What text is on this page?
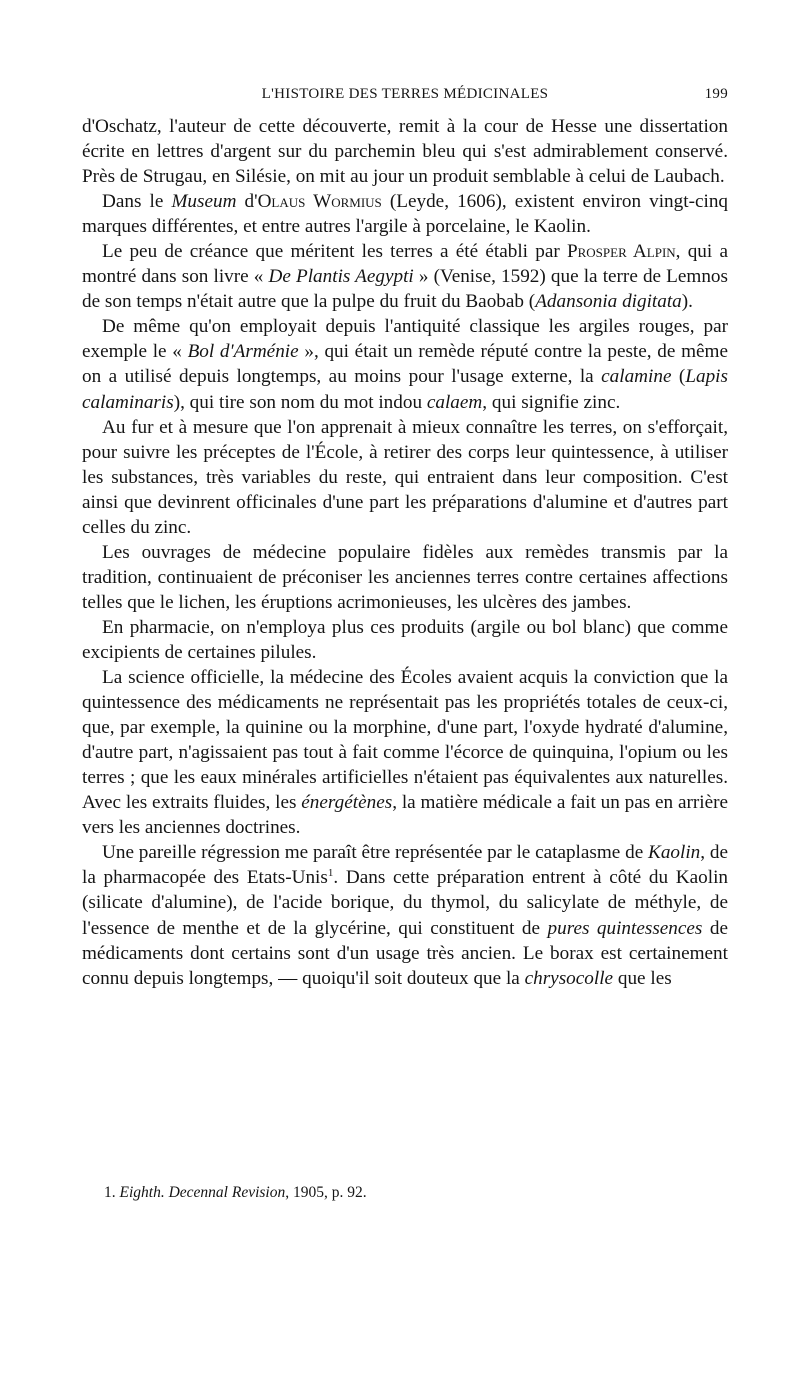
L'HISTOIRE DES TERRES MÉDICINALES	199

d'Oschatz, l'auteur de cette découverte, remit à la cour de Hesse une dissertation écrite en lettres d'argent sur du parchemin bleu qui s'est admirablement conservé. Près de Strugau, en Silésie, on mit au jour un produit semblable à celui de Laubach.

Dans le Museum d'Olaus Wormius (Leyde, 1606), existent environ vingt-cinq marques différentes, et entre autres l'argile à porcelaine, le Kaolin.

Le peu de créance que méritent les terres a été établi par Prosper Alpin, qui a montré dans son livre « De Plantis Aegypti » (Venise, 1592) que la terre de Lemnos de son temps n'était autre que la pulpe du fruit du Baobab (Adansonia digitata).

De même qu'on employait depuis l'antiquité classique les argiles rouges, par exemple le « Bol d'Arménie », qui était un remède réputé contre la peste, de même on a utilisé depuis longtemps, au moins pour l'usage externe, la calamine (Lapis calaminaris), qui tire son nom du mot indou calaem, qui signifie zinc.

Au fur et à mesure que l'on apprenait à mieux connaître les terres, on s'efforçait, pour suivre les préceptes de l'École, à retirer des corps leur quintessence, à utiliser les substances, très variables du reste, qui entraient dans leur composition. C'est ainsi que devinrent officinales d'une part les préparations d'alumine et d'autres part celles du zinc.

Les ouvrages de médecine populaire fidèles aux remèdes transmis par la tradition, continuaient de préconiser les anciennes terres contre certaines affections telles que le lichen, les éruptions acrimonieuses, les ulcères des jambes.

En pharmacie, on n'employa plus ces produits (argile ou bol blanc) que comme excipients de certaines pilules.

La science officielle, la médecine des Écoles avaient acquis la conviction que la quintessence des médicaments ne représentait pas les propriétés totales de ceux-ci, que, par exemple, la quinine ou la morphine, d'une part, l'oxyde hydraté d'alumine, d'autre part, n'agissaient pas tout à fait comme l'écorce de quinquina, l'opium ou les terres ; que les eaux minérales artificielles n'étaient pas équivalentes aux naturelles. Avec les extraits fluides, les énergétènes, la matière médicale a fait un pas en arrière vers les anciennes doctrines.

Une pareille régression me paraît être représentée par le cataplasme de Kaolin, de la pharmacopée des Etats-Unis$^1$. Dans cette préparation entrent à côté du Kaolin (silicate d'alumine), de l'acide borique, du thymol, du salicylate de méthyle, de l'essence de menthe et de la glycérine, qui constituent de pures quintessences de médicaments dont certains sont d'un usage très ancien. Le borax est certainement connu depuis longtemps, — quoiqu'il soit douteux que la chrysocolle que les

1. Eighth. Decennal Revision, 1905, p. 92.
